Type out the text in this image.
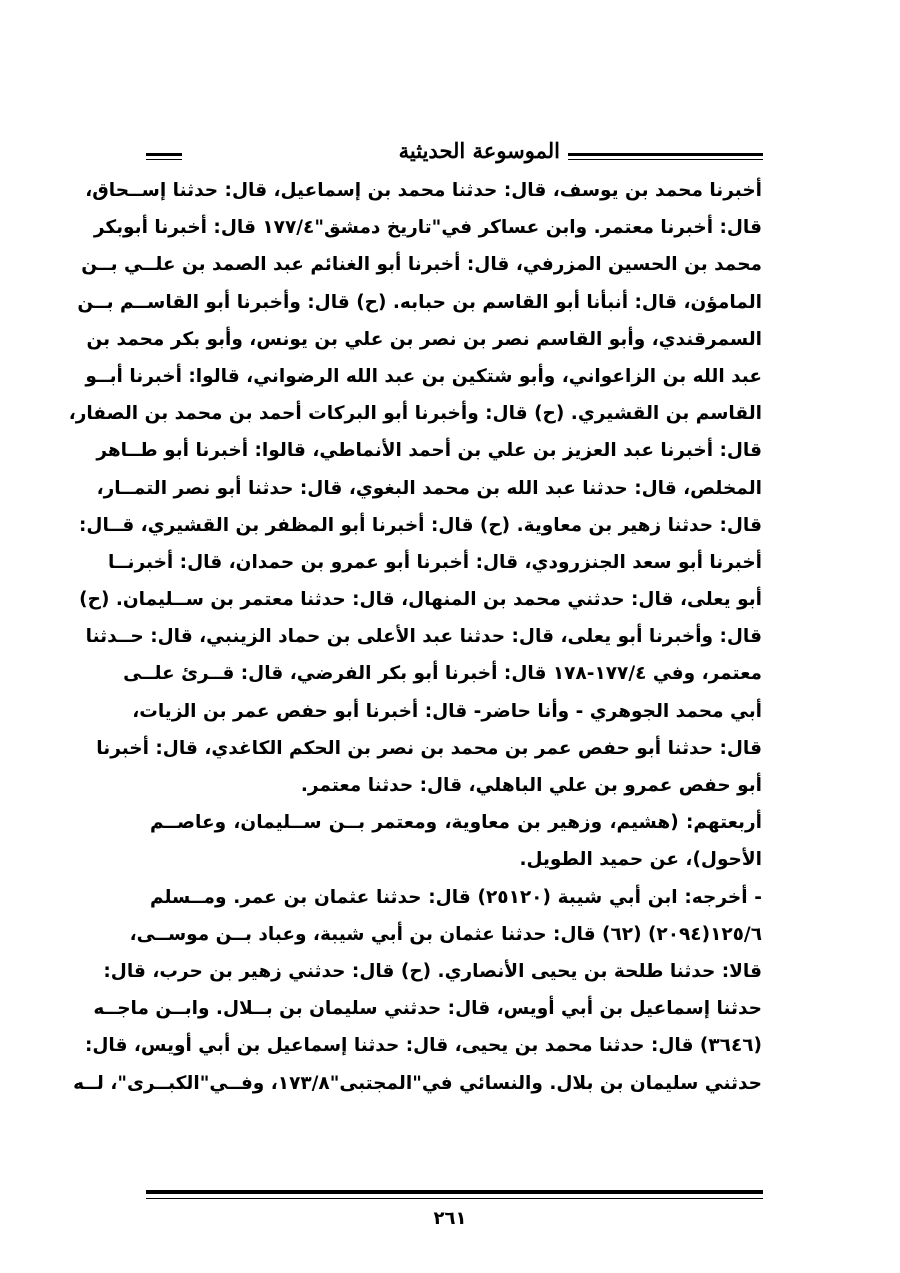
الموسوعة الحديثية
أخبرنا محمد بن يوسف، قال: حدثنا محمد بن إسماعيل، قال: حدثنا إســحاق،
قال: أخبرنا معتمر. وابن عساكر في"تاريخ دمشق"١٧٧/٤ قال: أخبرنا أبوبكر
محمد بن الحسين المزرفي، قال: أخبرنا أبو الغنائم عبد الصمد بن علــي بــن
المامؤن، قال: أنبأنا أبو القاسم بن حبابه. (ح) قال: وأخبرنا أبو القاســم بــن
السمرقندي، وأبو القاسم نصر بن نصر بن علي بن يونس، وأبو بكر محمد بن
عبد الله بن الزاعواني، وأبو شتكين بن عبد الله الرضواني، قالوا: أخبرنا أبــو
القاسم بن القشيري. (ح) قال: وأخبرنا أبو البركات أحمد بن محمد بن الصفار،
قال: أخبرنا عبد العزيز بن علي بن أحمد الأنماطي، قالوا: أخبرنا أبو طــاهر
المخلص، قال: حدثنا عبد الله بن محمد البغوي، قال: حدثنا أبو نصر التمــار،
قال: حدثنا زهير بن معاوية. (ح) قال: أخبرنا أبو المظفر بن القشيري، قــال:
أخبرنا أبو سعد الجنزرودي، قال: أخبرنا أبو عمرو بن حمدان، قال: أخبرنــا
أبو يعلى، قال: حدثني محمد بن المنهال، قال: حدثنا معتمر بن ســليمان. (ح)
قال: وأخبرنا أبو يعلى، قال: حدثنا عبد الأعلى بن حماد الزينبي، قال: حــدثنا
معتمر، وفي ١٧٧/٤-١٧٨ قال: أخبرنا أبو بكر الفرضي، قال: قــرئ علــى
أبي محمد الجوهري - وأنا حاضر- قال: أخبرنا أبو حفص عمر بن الزيات،
قال: حدثنا أبو حفص عمر بن محمد بن نصر بن الحكم الكاغدي، قال: أخبرنا
أبو حفص عمرو بن علي الباهلي، قال: حدثنا معتمر.
أربعتهم: (هشيم، وزهير بن معاوية، ومعتمر بــن ســليمان، وعاصــم
الأحول)، عن حميد الطويل.
- أخرجه: ابن أبي شيبة (٢٥١٢٠) قال: حدثنا عثمان بن عمر. ومــسلم
١٢٥/٦(٢٠٩٤) (٦٢) قال: حدثنا عثمان بن أبي شيبة، وعباد بــن موســى،
قالا: حدثنا طلحة بن يحيى الأنصاري. (ح) قال: حدثني زهير بن حرب، قال:
حدثنا إسماعيل بن أبي أويس، قال: حدثني سليمان بن بــلال. وابــن ماجــه
(٣٦٤٦) قال: حدثنا محمد بن يحيى، قال: حدثنا إسماعيل بن أبي أويس، قال:
حدثني سليمان بن بلال. والنسائي في"المجتبى"١٧٣/٨، وفــي"الكبــرى"، لــه
٢٦١
